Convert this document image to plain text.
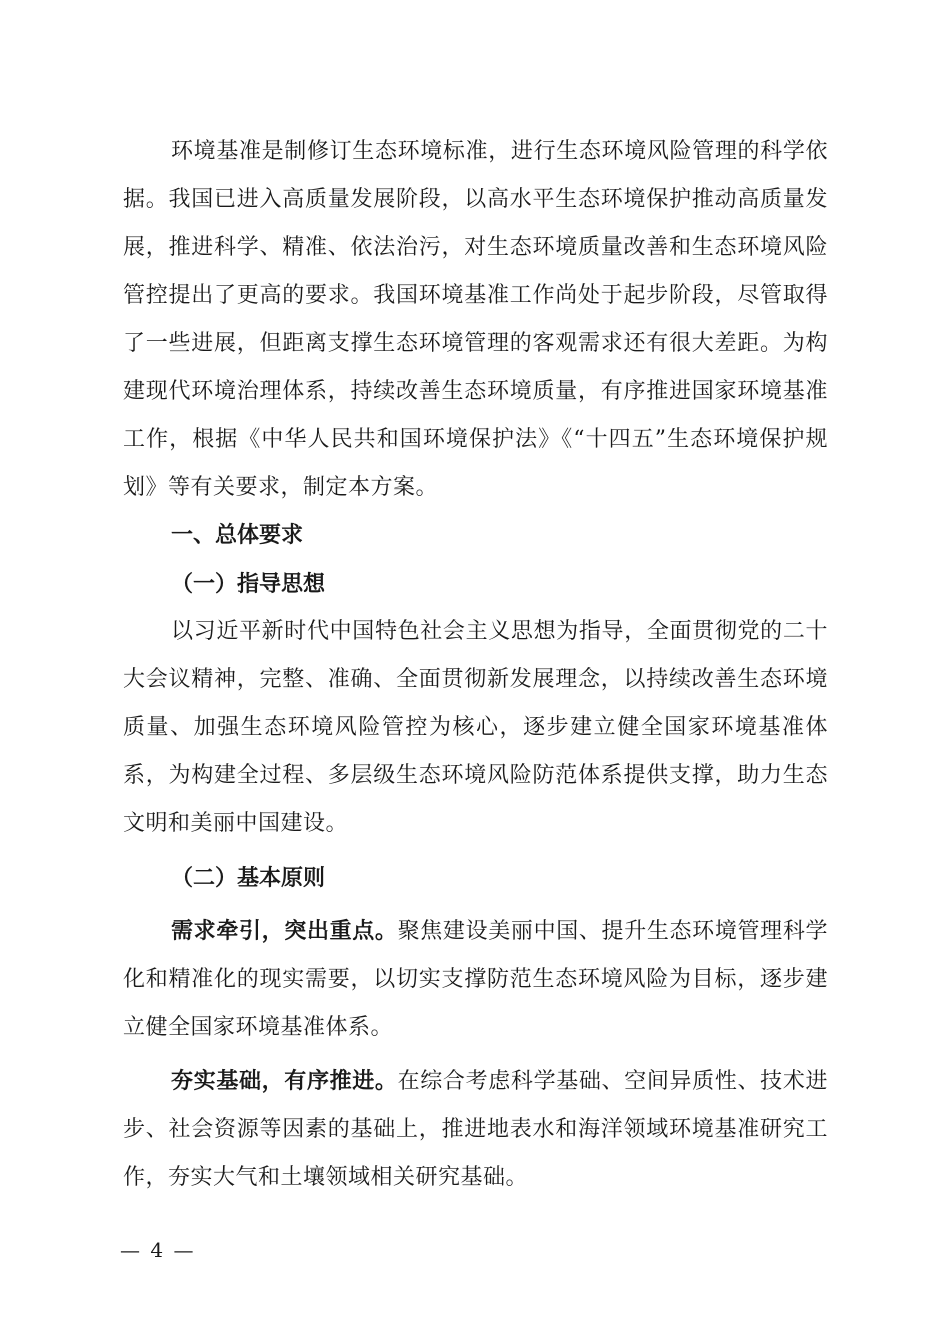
环境基准是制修订生态环境标准，进行生态环境风险管理的科学依据。我国已进入高质量发展阶段，以高水平生态环境保护推动高质量发展，推进科学、精准、依法治污，对生态环境质量改善和生态环境风险管控提出了更高的要求。我国环境基准工作尚处于起步阶段，尽管取得了一些进展，但距离支撑生态环境管理的客观需求还有很大差距。为构建现代环境治理体系，持续改善生态环境质量，有序推进国家环境基准工作，根据《中华人民共和国环境保护法》《“十四五”生态环境保护规划》等有关要求，制定本方案。

一、总体要求
（一）指导思想

以习近平新时代中国特色社会主义思想为指导，全面贯彻党的二十大会议精神，完整、准确、全面贯彻新发展理念，以持续改善生态环境质量、加强生态环境风险管控为核心，逐步建立健全国家环境基准体系，为构建全过程、多层级生态环境风险防范体系提供支撑，助力生态文明和美丽中国建设。

（二）基本原则

需求牵引，突出重点。聚焦建设美丽中国、提升生态环境管理科学化和精准化的现实需要，以切实支撑防范生态环境风险为目标，逐步建立健全国家环境基准体系。

夯实基础，有序推进。在综合考虑科学基础、空间异质性、技术进步、社会资源等因素的基础上，推进地表水和海洋领域环境基准研究工作，夯实大气和土壤领域相关研究基础。

— 4 —
